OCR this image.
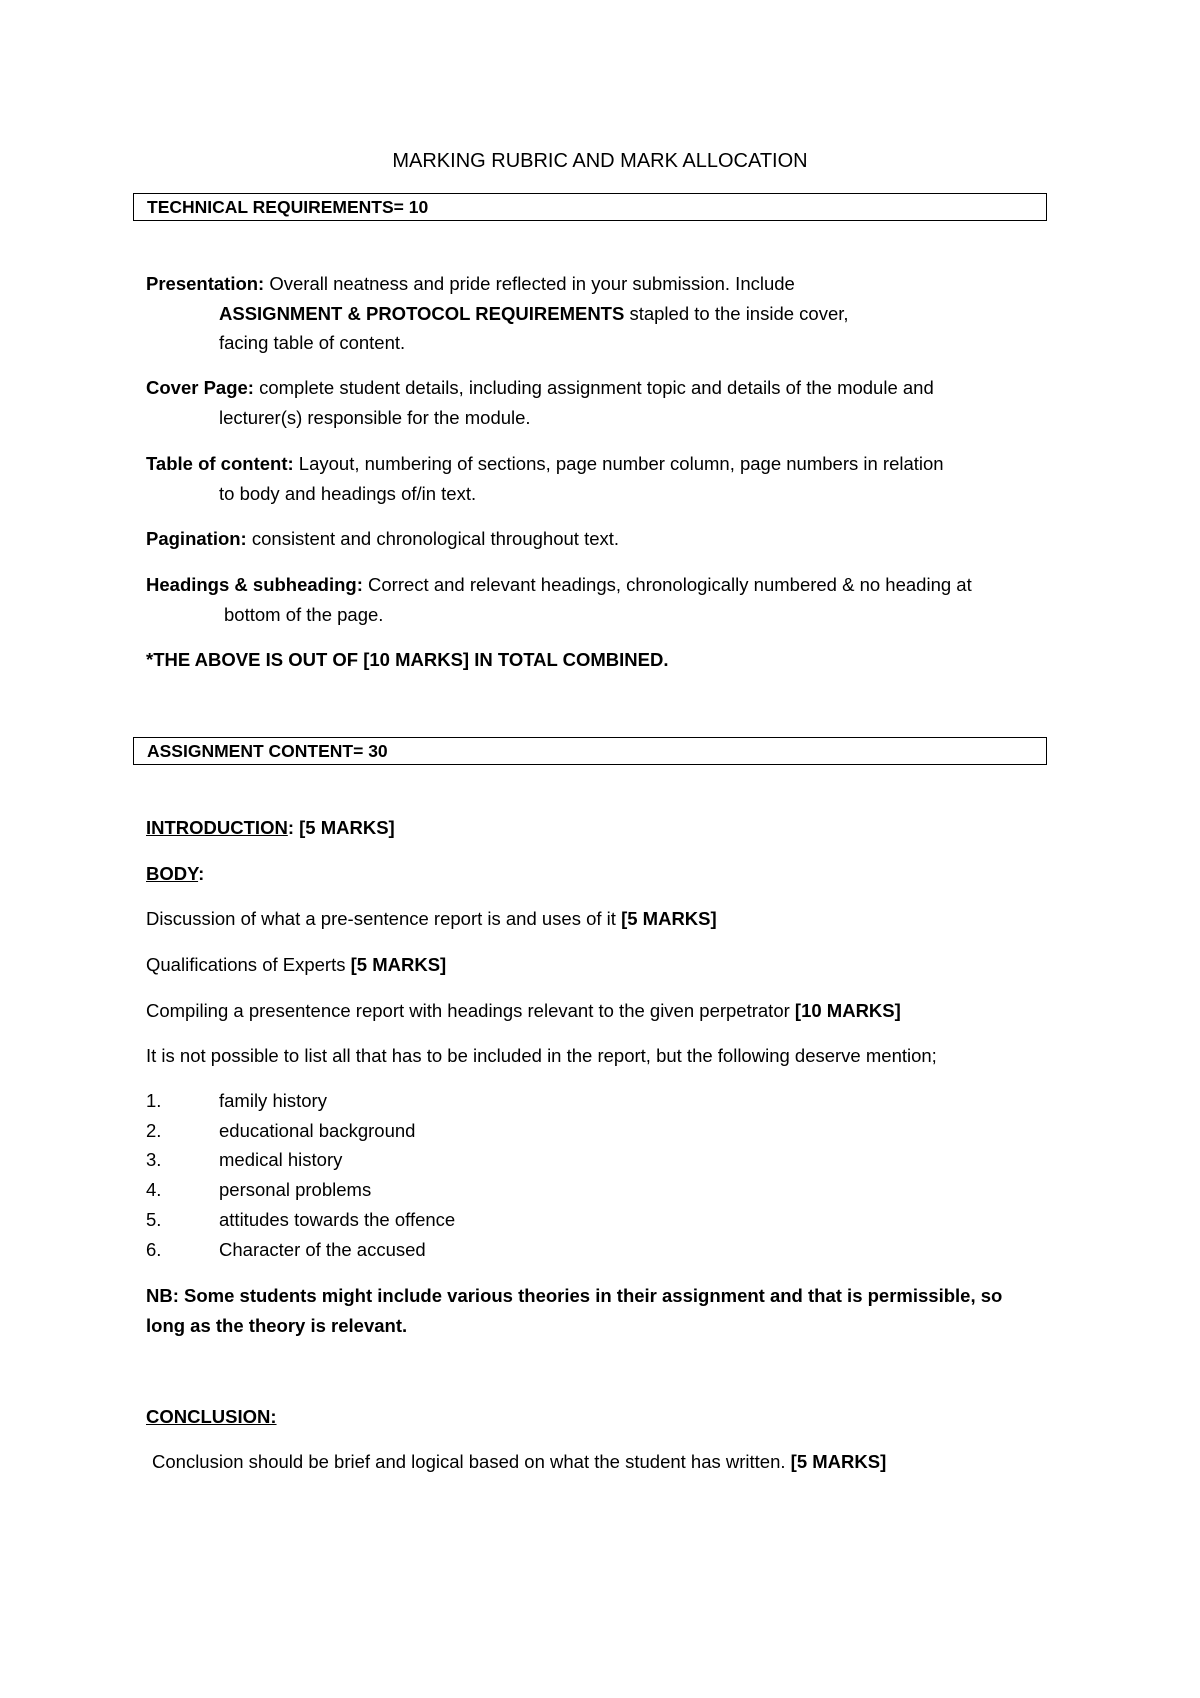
MARKING RUBRIC AND MARK ALLOCATION
TECHNICAL REQUIREMENTS= 10
Presentation: Overall neatness and pride reflected in your submission. Include
ASSIGNMENT & PROTOCOL REQUIREMENTS stapled to the inside cover,
facing table of content.
Cover Page: complete student details, including assignment topic and details of the module and
lecturer(s) responsible for the module.
Table of content: Layout, numbering of sections, page number column, page numbers in relation
to body and headings of/in text.
Pagination: consistent and chronological throughout text.
Headings & subheading: Correct and relevant headings, chronologically numbered & no heading at
bottom of the page.
*THE ABOVE IS OUT OF [10 MARKS] IN TOTAL COMBINED.
ASSIGNMENT CONTENT= 30
INTRODUCTION: [5 MARKS]
BODY:
Discussion of what a pre-sentence report is and uses of it [5 MARKS]
Qualifications of Experts [5 MARKS]
Compiling a presentence report with headings relevant to the given perpetrator [10 MARKS]
It is not possible to list all that has to be included in the report, but the following deserve mention;
1.	family history
2.	educational background
3.	medical history
4.	personal problems
5.	attitudes towards the offence
6.	Character of the accused
NB: Some students might include various theories in their assignment and that is permissible, so
long as the theory is relevant.
CONCLUSION:
Conclusion should be brief and logical based on what the student has written. [5 MARKS]
